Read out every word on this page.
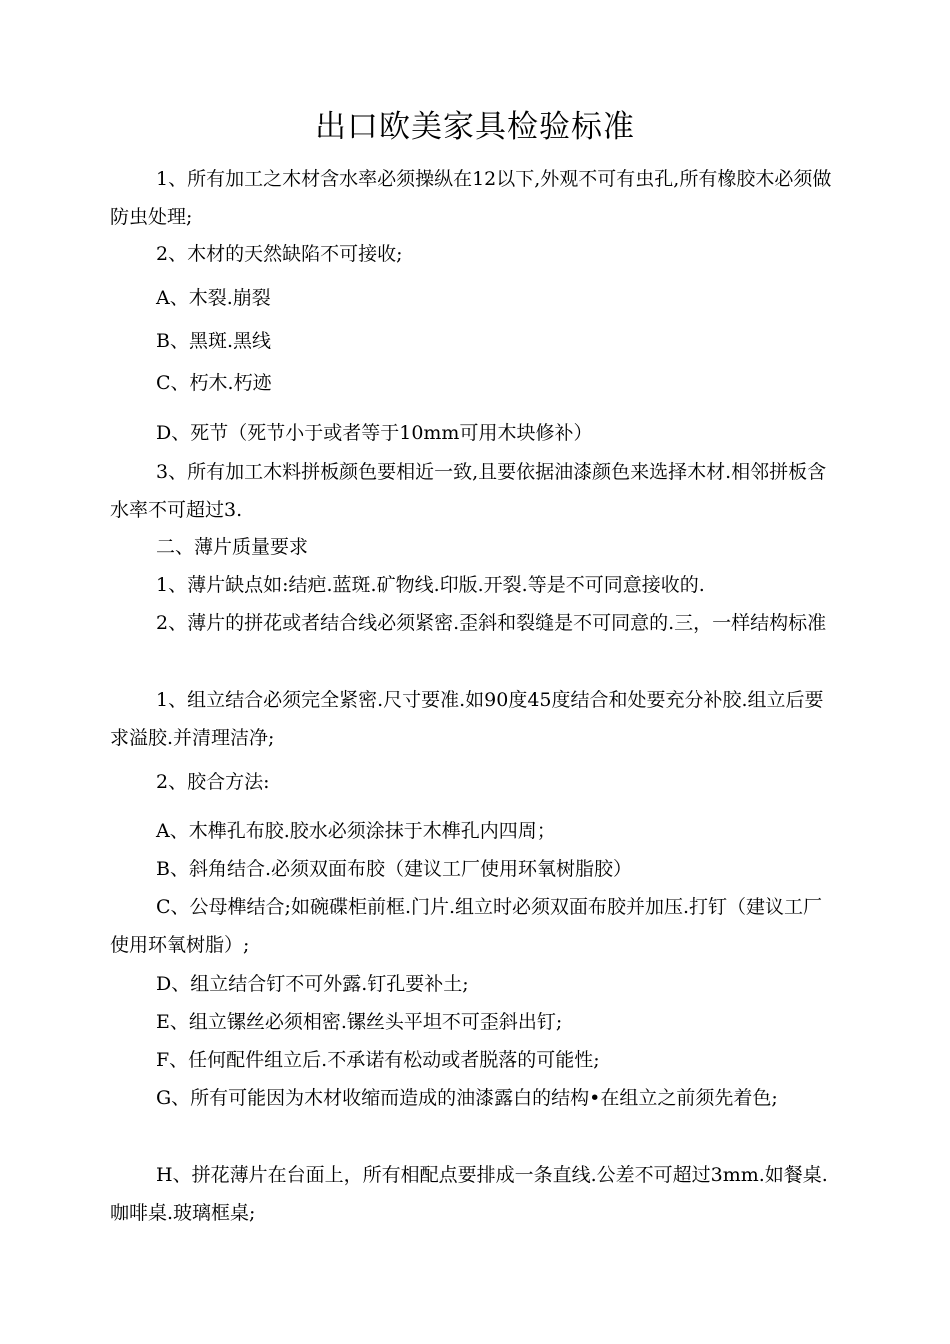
出口欧美家具检验标准
1、所有加工之木材含水率必须操纵在12以下,外观不可有虫孔,所有橡胶木必须做防虫处理;
2、木材的天然缺陷不可接收;
A、木裂.崩裂
B、黑斑.黑线
C、朽木.朽迹
D、死节（死节小于或者等于10mm可用木块修补）
3、所有加工木料拼板颜色要相近一致,且要依据油漆颜色来选择木材.相邻拼板含水率不可超过3.
二、薄片质量要求
1、薄片缺点如:结疤.蓝斑.矿物线.印版.开裂.等是不可同意接收的.
2、薄片的拼花或者结合线必须紧密.歪斜和裂缝是不可同意的.三，一样结构标准
1、组立结合必须完全紧密.尺寸要准.如90度45度结合和处要充分补胶.组立后要求溢胶.并清理洁净;
2、胶合方法:
A、木榫孔布胶.胶水必须涂抹于木榫孔内四周；
B、斜角结合.必须双面布胶（建议工厂使用环氧树脂胶）
C、公母榫结合;如碗碟柜前框.门片.组立时必须双面布胶并加压.打钉（建议工厂使用环氧树脂）;
D、组立结合钉不可外露.钉孔要补土;
E、组立镙丝必须相密.镙丝头平坦不可歪斜出钉;
F、任何配件组立后.不承诺有松动或者脱落的可能性;
G、所有可能因为木材收缩而造成的油漆露白的结构•在组立之前须先着色;
H、拼花薄片在台面上，所有相配点要排成一条直线.公差不可超过3mm.如餐桌.咖啡桌.玻璃框桌;
